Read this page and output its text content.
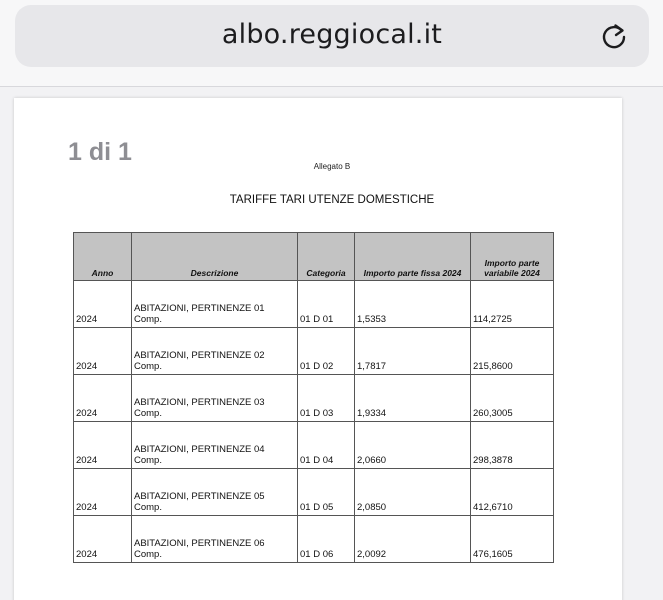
albo.reggiocal.it
1 di 1
Allegato B
TARIFFE TARI UTENZE DOMESTICHE
Anno	Descrizione	Categoria	Importo parte fissa 2024	Importo parte variabile 2024
2024	ABITAZIONI, PERTINENZE 01 Comp.	01 D 01	1,5353	114,2725
2024	ABITAZIONI, PERTINENZE 02 Comp.	01 D 02	1,7817	215,8600
2024	ABITAZIONI, PERTINENZE 03 Comp.	01 D 03	1,9334	260,3005
2024	ABITAZIONI, PERTINENZE 04 Comp.	01 D 04	2,0660	298,3878
2024	ABITAZIONI, PERTINENZE 05 Comp.	01 D 05	2,0850	412,6710
2024	ABITAZIONI, PERTINENZE 06 Comp.	01 D 06	2,0092	476,1605
